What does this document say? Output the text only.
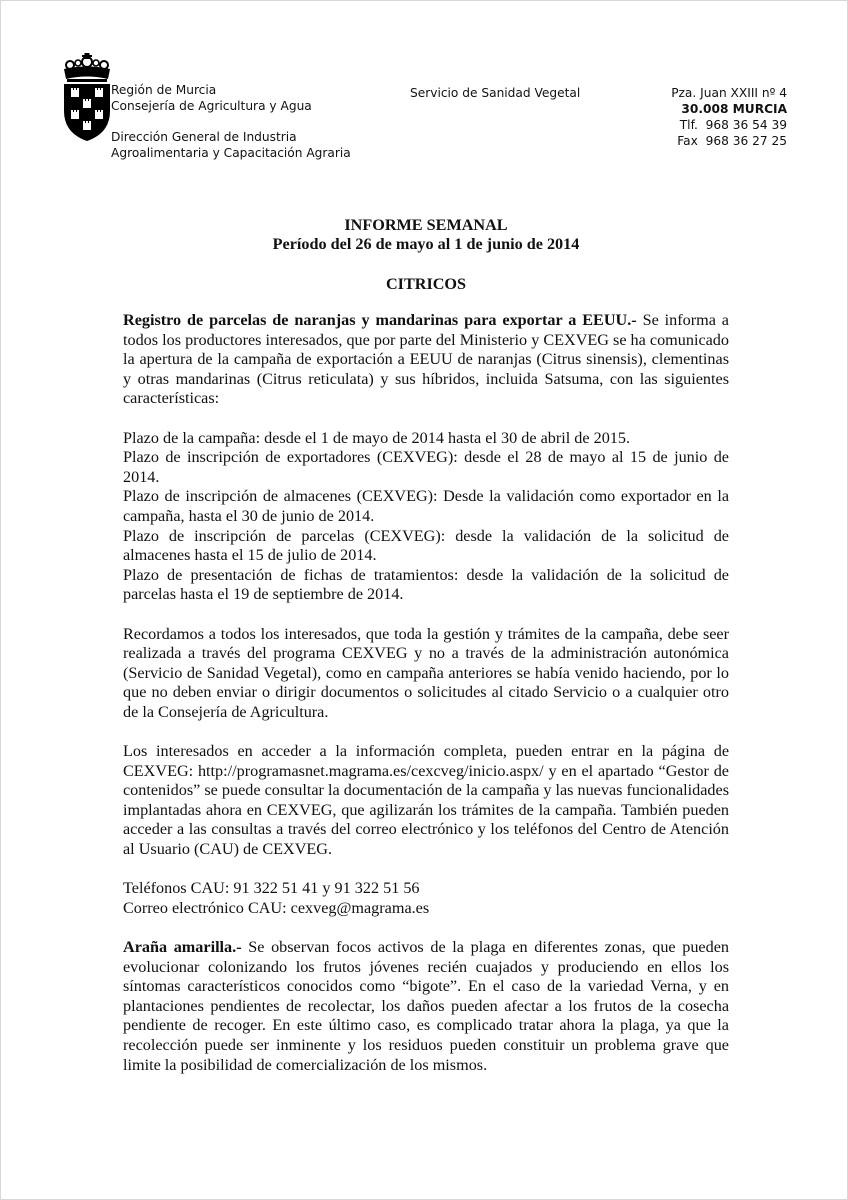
Región de Murcia
Consejería de Agricultura y Agua
Dirección General de Industria
Agroalimentaria y Capacitación Agraria
Servicio de Sanidad Vegetal	Pza. Juan XXIII nº 4
30.008 MURCIA
Tlf.  968 36 54 39
Fax  968 36 27 25
INFORME SEMANAL
Período del 26 de mayo al 1 de junio de 2014
CITRICOS

Registro de parcelas de naranjas y mandarinas para exportar a EEUU.- Se informa a todos los productores interesados, que por parte del Ministerio y CEXVEG se ha comunicado la apertura de la campaña de exportación a EEUU de naranjas (Citrus sinensis), clementinas y otras mandarinas (Citrus reticulata) y sus híbridos, incluida Satsuma, con las siguientes características:

Plazo de la campaña: desde el 1 de mayo de 2014 hasta el 30 de abril de 2015.

Plazo de inscripción de exportadores (CEXVEG): desde el 28 de mayo al 15 de junio de 2014.

Plazo de inscripción de almacenes (CEXVEG): Desde la validación como exportador en la campaña, hasta el 30 de junio de 2014.

Plazo de inscripción de parcelas (CEXVEG): desde la validación de la solicitud de almacenes hasta el 15 de julio de 2014.

Plazo de presentación de fichas de tratamientos: desde la validación de la solicitud de parcelas hasta el 19 de septiembre de 2014.

Recordamos a todos los interesados, que toda la gestión y trámites de la campaña, debe seer realizada a través del programa CEXVEG y no a través de la administración autonómica (Servicio de Sanidad Vegetal), como en campaña anteriores se había venido haciendo, por lo que no deben enviar o dirigir documentos o solicitudes al citado Servicio o a cualquier otro de la Consejería de Agricultura.

Los interesados en acceder a la información completa, pueden entrar en la página de CEXVEG: http://programasnet.magrama.es/cexcveg/inicio.aspx/ y en el apartado “Gestor de contenidos” se puede consultar la documentación de la campaña y las nuevas funcionalidades implantadas ahora en CEXVEG, que agilizarán los trámites de la campaña. También pueden acceder a las consultas a través del correo electrónico y los teléfonos del Centro de Atención al Usuario (CAU) de CEXVEG.

Teléfonos CAU: 91 322 51 41 y 91 322 51 56

Correo electrónico CAU: cexveg@magrama.es

Araña amarilla.- Se observan focos activos de la plaga en diferentes zonas, que pueden evolucionar colonizando los frutos jóvenes recién cuajados y produciendo en ellos los síntomas característicos conocidos como “bigote”. En el caso de la variedad Verna, y en plantaciones pendientes de recolectar, los daños pueden afectar a los frutos de la cosecha pendiente de recoger. En este último caso, es complicado tratar ahora la plaga, ya que la recolección puede ser inminente y los residuos pueden constituir un problema grave que limite la posibilidad de comercialización de los mismos.
